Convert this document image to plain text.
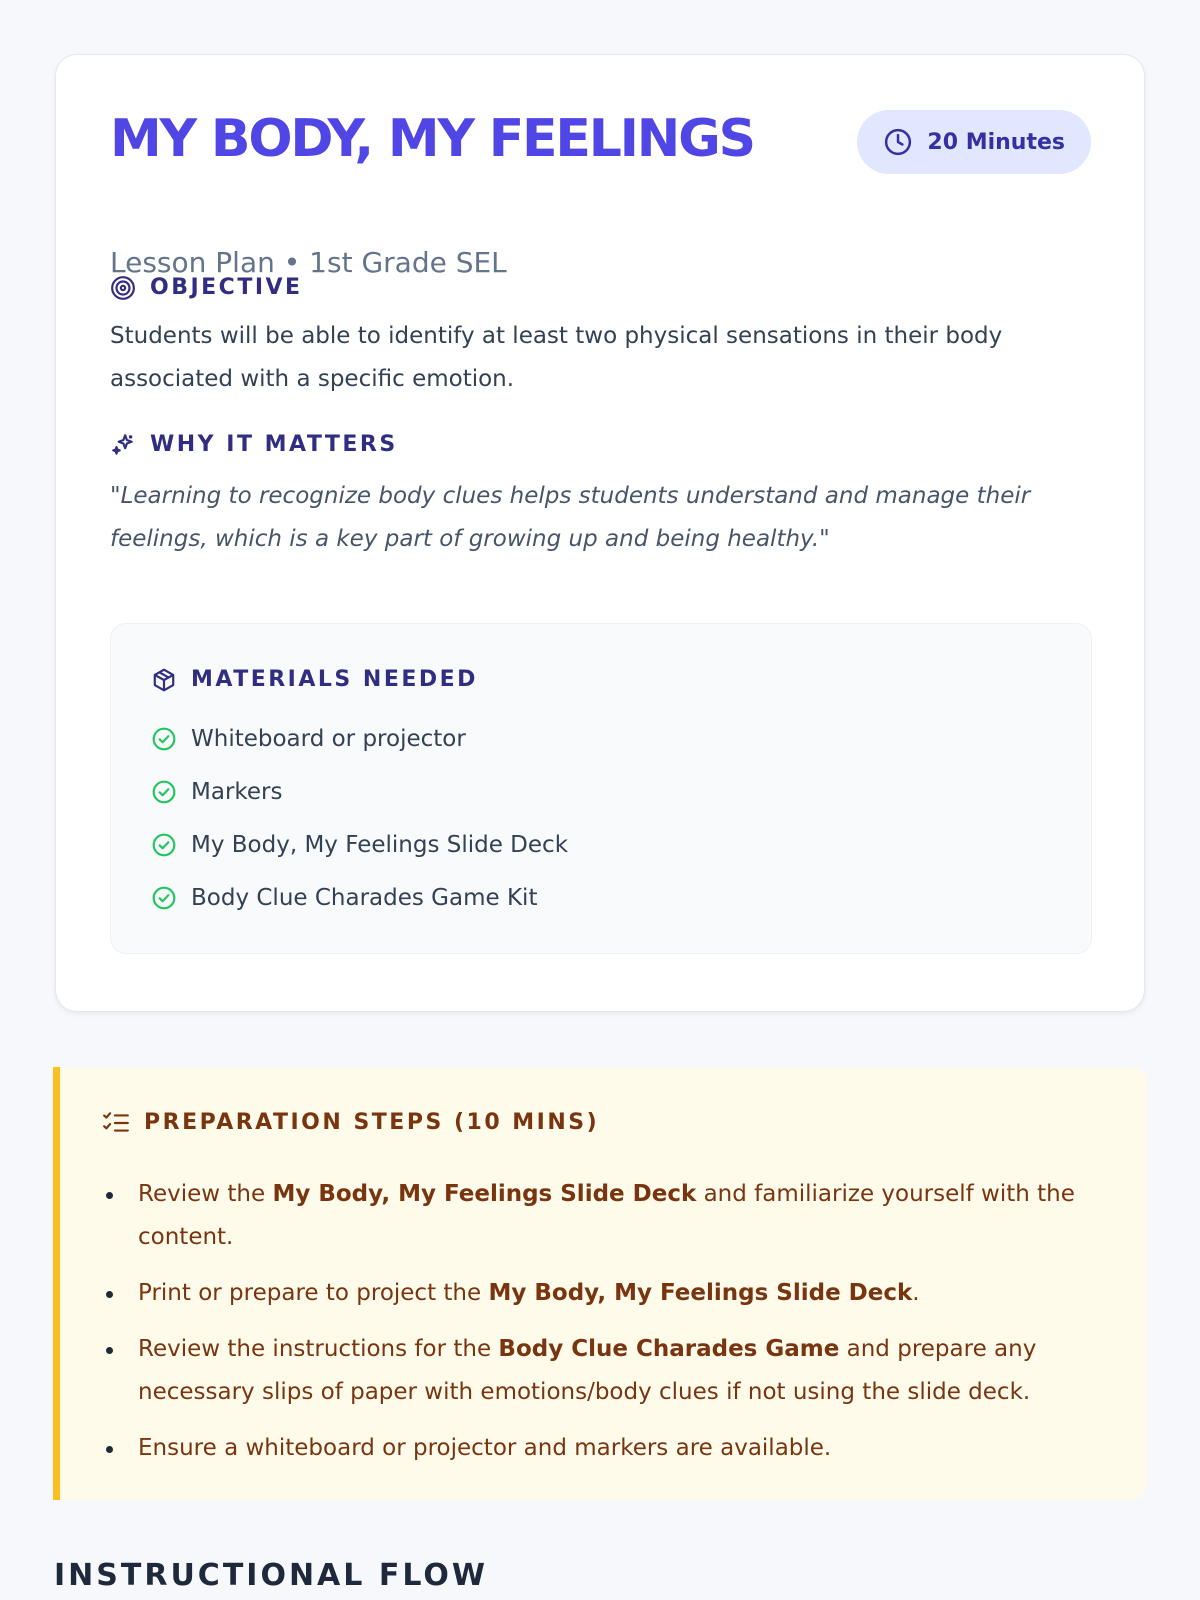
MY BODY, MY FEELINGS	20 Minutes

Lesson Plan • 1st Grade SEL

OBJECTIVE

Students will be able to identify at least two physical sensations in their body associated with a specific emotion.

WHY IT MATTERS

"Learning to recognize body clues helps students understand and manage their feelings, which is a key part of growing up and being healthy."

MATERIALS NEEDED
Whiteboard or projector
Markers
My Body, My Feelings Slide Deck
Body Clue Charades Game Kit
PREPARATION STEPS (10 MINS)
Review the My Body, My Feelings Slide Deck and familiarize yourself with the content.
Print or prepare to project the My Body, My Feelings Slide Deck.
Review the instructions for the Body Clue Charades Game and prepare any necessary slips of paper with emotions/body clues if not using the slide deck.
Ensure a whiteboard or projector and markers are available.
INSTRUCTIONAL FLOW
